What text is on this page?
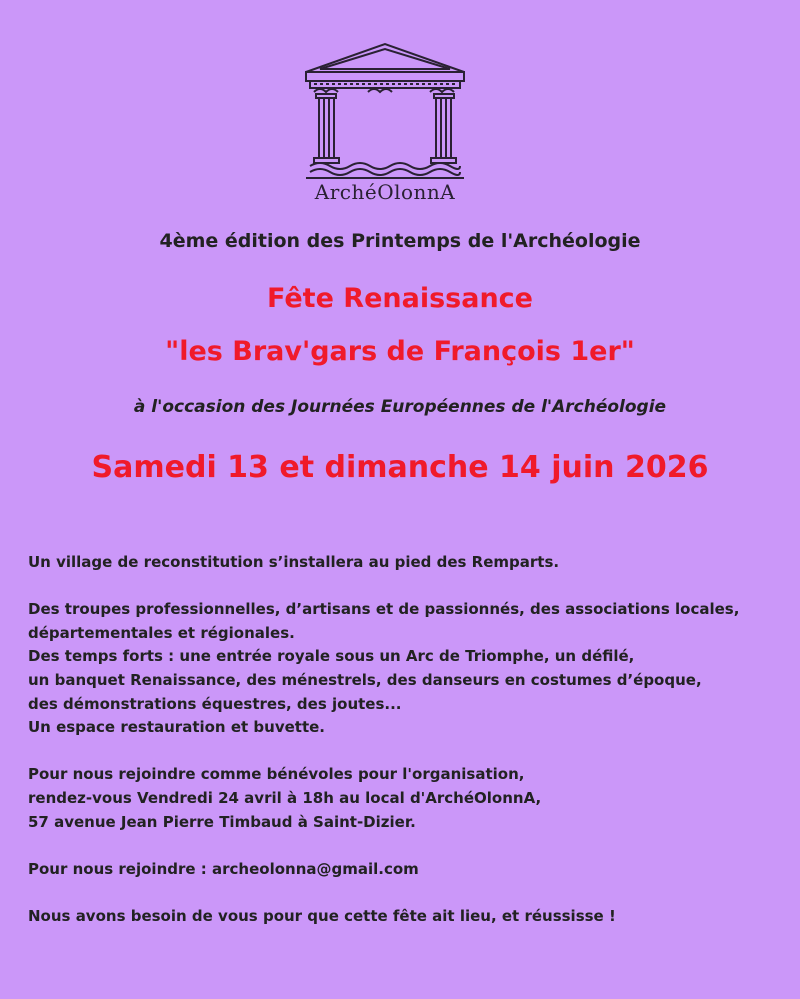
ArchéOlonnA
4ème édition des Printemps de l'Archéologie
Fête Renaissance
"les Brav'gars de François 1er"
à l'occasion des Journées Européennes de l'Archéologie
Samedi 13 et dimanche 14 juin 2026

Un village de reconstitution s’installera au pied des Remparts.

Des troupes professionnelles, d’artisans et de passionnés, des associations locales,

départementales et régionales.

Des temps forts : une entrée royale sous un Arc de Triomphe, un défilé,

un banquet Renaissance, des ménestrels, des danseurs en costumes d’époque,

des démonstrations équestres, des joutes...

Un espace restauration et buvette.

Pour nous rejoindre comme bénévoles pour l'organisation,

rendez-vous Vendredi 24 avril à 18h au local d'ArchéOlonnA,

57 avenue Jean Pierre Timbaud à Saint-Dizier.

Pour nous rejoindre : archeolonna@gmail.com

Nous avons besoin de vous pour que cette fête ait lieu, et réussisse !
